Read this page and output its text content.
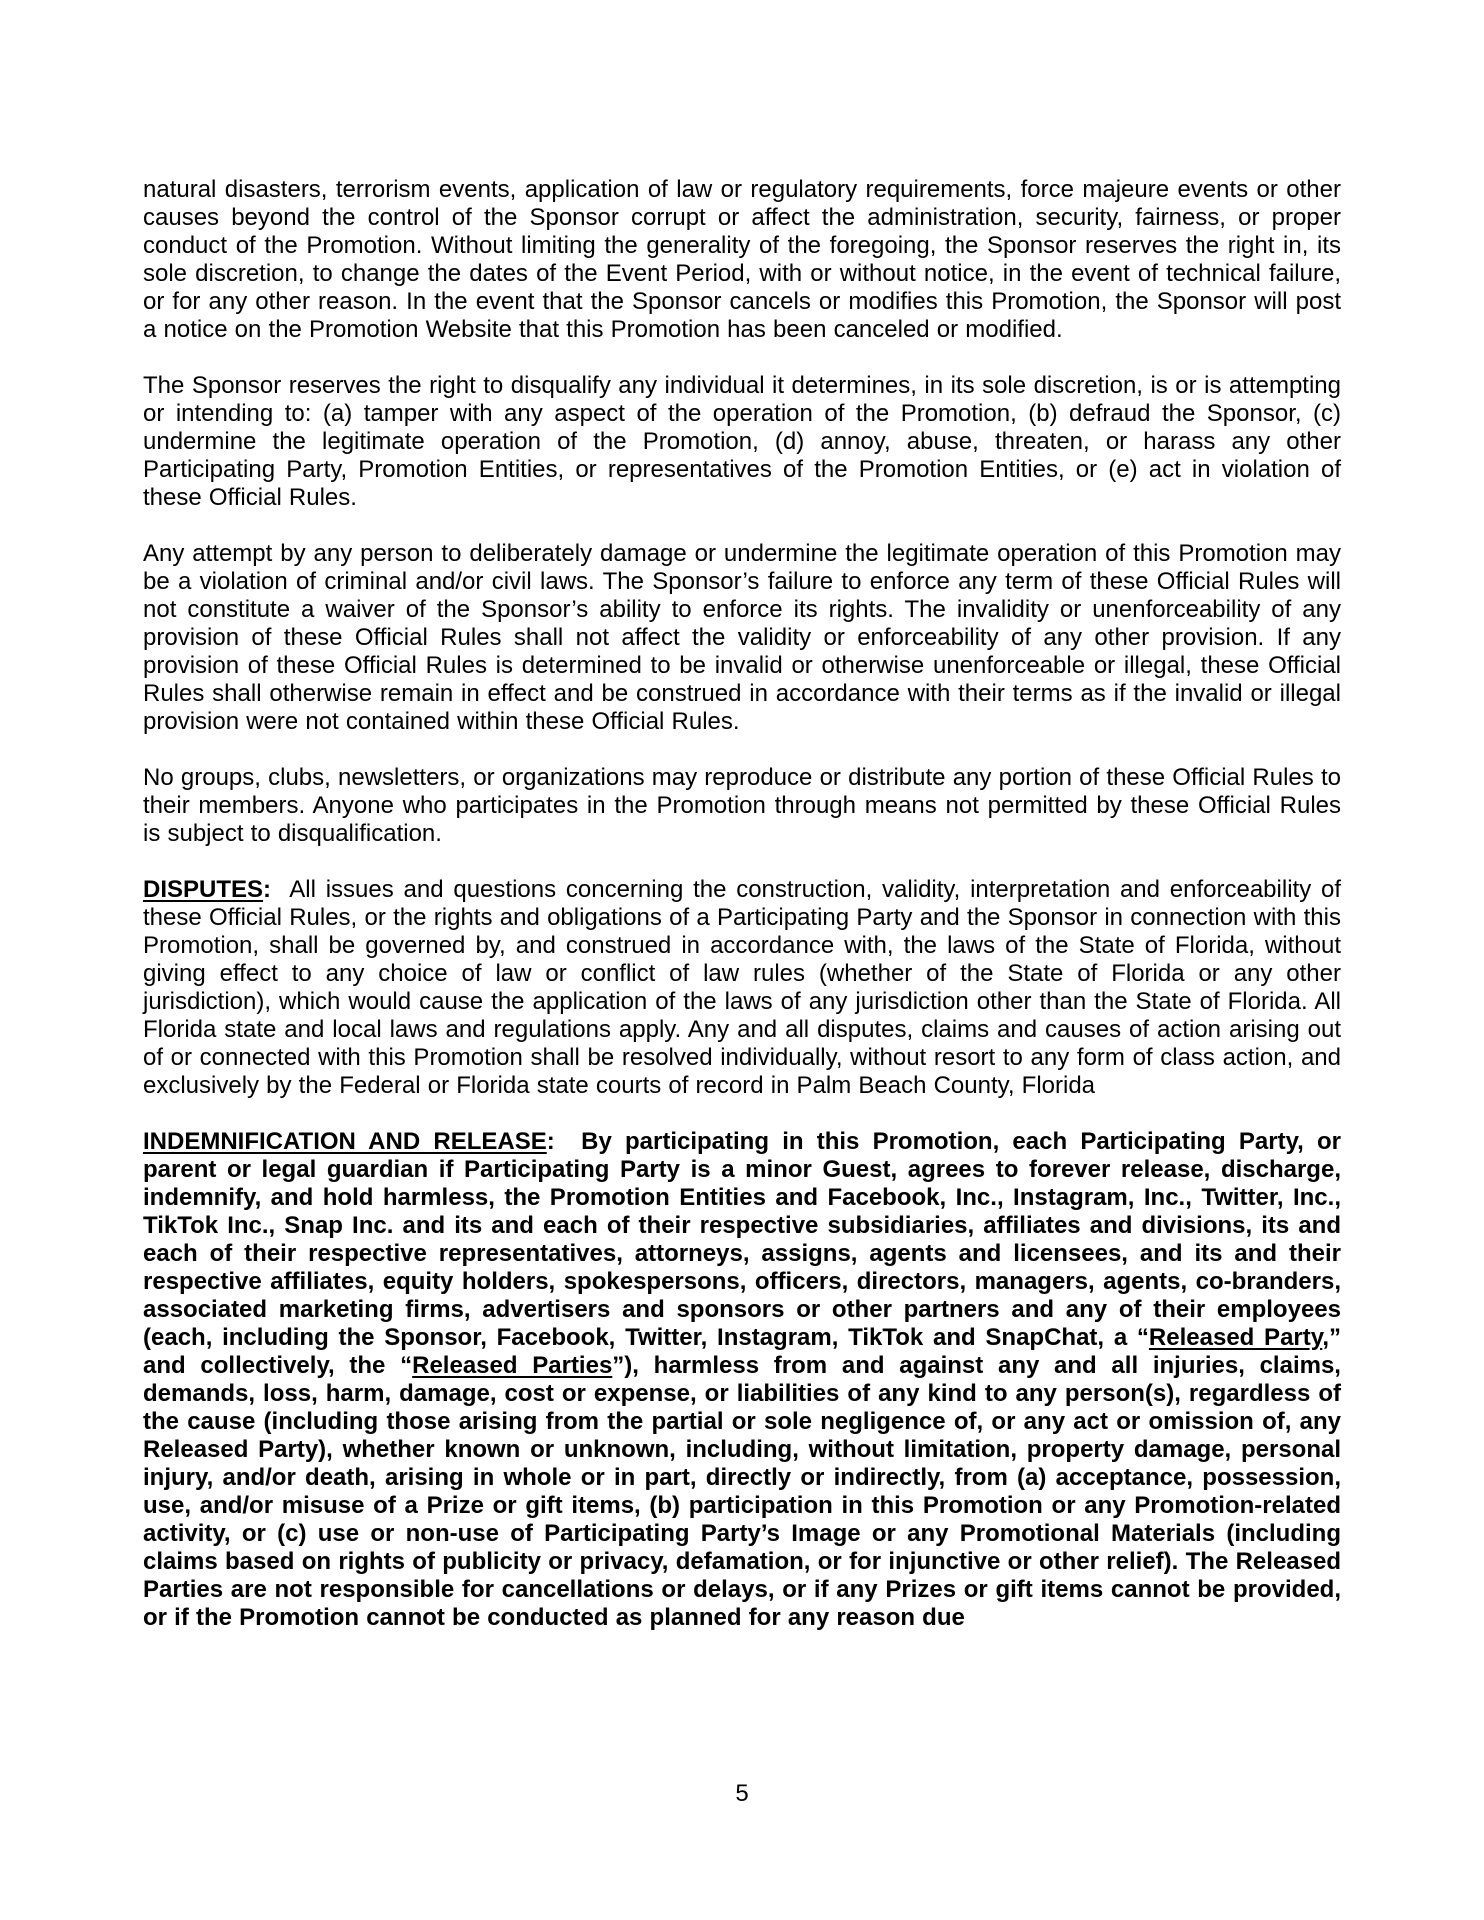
natural disasters, terrorism events, application of law or regulatory requirements, force majeure events or other causes beyond the control of the Sponsor corrupt or affect the administration, security, fairness, or proper conduct of the Promotion. Without limiting the generality of the foregoing, the Sponsor reserves the right in, its sole discretion, to change the dates of the Event Period, with or without notice, in the event of technical failure, or for any other reason. In the event that the Sponsor cancels or modifies this Promotion, the Sponsor will post a notice on the Promotion Website that this Promotion has been canceled or modified.

The Sponsor reserves the right to disqualify any individual it determines, in its sole discretion, is or is attempting or intending to: (a) tamper with any aspect of the operation of the Promotion, (b) defraud the Sponsor, (c) undermine the legitimate operation of the Promotion, (d) annoy, abuse, threaten, or harass any other Participating Party, Promotion Entities, or representatives of the Promotion Entities, or (e) act in violation of these Official Rules.

Any attempt by any person to deliberately damage or undermine the legitimate operation of this Promotion may be a violation of criminal and/or civil laws. The Sponsor’s failure to enforce any term of these Official Rules will not constitute a waiver of the Sponsor’s ability to enforce its rights. The invalidity or unenforceability of any provision of these Official Rules shall not affect the validity or enforceability of any other provision. If any provision of these Official Rules is determined to be invalid or otherwise unenforceable or illegal, these Official Rules shall otherwise remain in effect and be construed in accordance with their terms as if the invalid or illegal provision were not contained within these Official Rules.

No groups, clubs, newsletters, or organizations may reproduce or distribute any portion of these Official Rules to their members. Anyone who participates in the Promotion through means not permitted by these Official Rules is subject to disqualification.

DISPUTES:  All issues and questions concerning the construction, validity, interpretation and enforceability of these Official Rules, or the rights and obligations of a Participating Party and the Sponsor in connection with this Promotion, shall be governed by, and construed in accordance with, the laws of the State of Florida, without giving effect to any choice of law or conflict of law rules (whether of the State of Florida or any other jurisdiction), which would cause the application of the laws of any jurisdiction other than the State of Florida. All Florida state and local laws and regulations apply. Any and all disputes, claims and causes of action arising out of or connected with this Promotion shall be resolved individually, without resort to any form of class action, and exclusively by the Federal or Florida state courts of record in Palm Beach County, Florida

INDEMNIFICATION AND RELEASE:  By participating in this Promotion, each Participating Party, or parent or legal guardian if Participating Party is a minor Guest, agrees to forever release, discharge, indemnify, and hold harmless, the Promotion Entities and Facebook, Inc., Instagram, Inc., Twitter, Inc., TikTok Inc., Snap Inc. and its and each of their respective subsidiaries, affiliates and divisions, its and each of their respective representatives, attorneys, assigns, agents and licensees, and its and their respective affiliates, equity holders, spokespersons, officers, directors, managers, agents, co-branders, associated marketing firms, advertisers and sponsors or other partners and any of their employees (each, including the Sponsor, Facebook, Twitter, Instagram, TikTok and SnapChat, a “Released Party,” and collectively, the “Released Parties”), harmless from and against any and all injuries, claims, demands, loss, harm, damage, cost or expense, or liabilities of any kind to any person(s), regardless of the cause (including those arising from the partial or sole negligence of, or any act or omission of, any Released Party), whether known or unknown, including, without limitation, property damage, personal injury, and/or death, arising in whole or in part, directly or indirectly, from (a) acceptance, possession, use, and/or misuse of a Prize or gift items, (b) participation in this Promotion or any Promotion-related activity, or (c) use or non-use of Participating Party’s Image or any Promotional Materials (including claims based on rights of publicity or privacy, defamation, or for injunctive or other relief). The Released Parties are not responsible for cancellations or delays, or if any Prizes or gift items cannot be provided, or if the Promotion cannot be conducted as planned for any reason due

5
